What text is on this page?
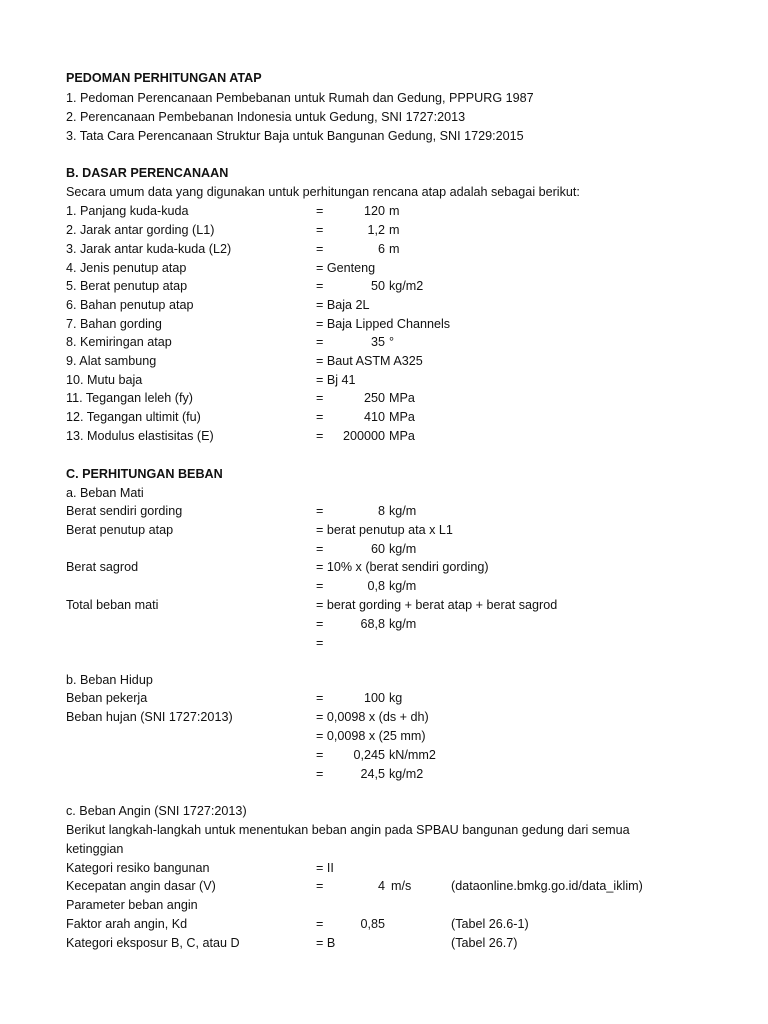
PEDOMAN PERHITUNGAN ATAP
1. Pedoman Perencanaan Pembebanan untuk Rumah dan Gedung, PPPURG 1987
2. Perencanaan Pembebanan Indonesia untuk Gedung, SNI 1727:2013
3. Tata Cara Perencanaan Struktur Baja untuk Bangunan Gedung, SNI 1729:2015
B. DASAR PERENCANAAN
Secara umum data yang digunakan untuk perhitungan rencana atap adalah sebagai berikut:
1. Panjang kuda-kuda	=	120 m
2. Jarak antar gording (L1)	=	1,2 m
3. Jarak antar kuda-kuda (L2)	=	6 m
4. Jenis penutup atap	= Genteng
5. Berat penutup atap	=	50 kg/m2
6. Bahan penutup atap	= Baja 2L
7. Bahan gording	= Baja Lipped Channels
8. Kemiringan atap	=	35 °
9. Alat sambung	= Baut ASTM A325
10. Mutu baja	= Bj 41
11. Tegangan leleh (fy)	=	250 MPa
12. Tegangan ultimit (fu)	=	410 MPa
13. Modulus elastisitas (E)	=	200000 MPa
C. PERHITUNGAN BEBAN
a. Beban Mati
Berat sendiri gording	=	8 kg/m
Berat penutup atap	= berat penutup ata x L1
=	60 kg/m
Berat sagrod	= 10% x (berat sendiri gording)
=	0,8 kg/m
Total beban mati	= berat gording + berat atap + berat sagrod
=	68,8 kg/m
=
b. Beban Hidup
Beban pekerja	=	100 kg
Beban hujan (SNI 1727:2013)	= 0,0098 x (ds + dh)
= 0,0098 x (25 mm)
=	0,245 kN/mm2
=	24,5 kg/m2
c. Beban Angin (SNI 1727:2013)
Berikut langkah-langkah untuk menentukan beban angin pada SPBAU bangunan gedung dari semua
ketinggian
Kategori resiko bangunan	= II
Kecepatan angin dasar (V)	=	4 m/s	(dataonline.bmkg.go.id/data_iklim)
Parameter beban angin
Faktor arah angin, Kd	=	0,85	(Tabel 26.6-1)
Kategori eksposur B, C, atau D	= B	(Tabel 26.7)
